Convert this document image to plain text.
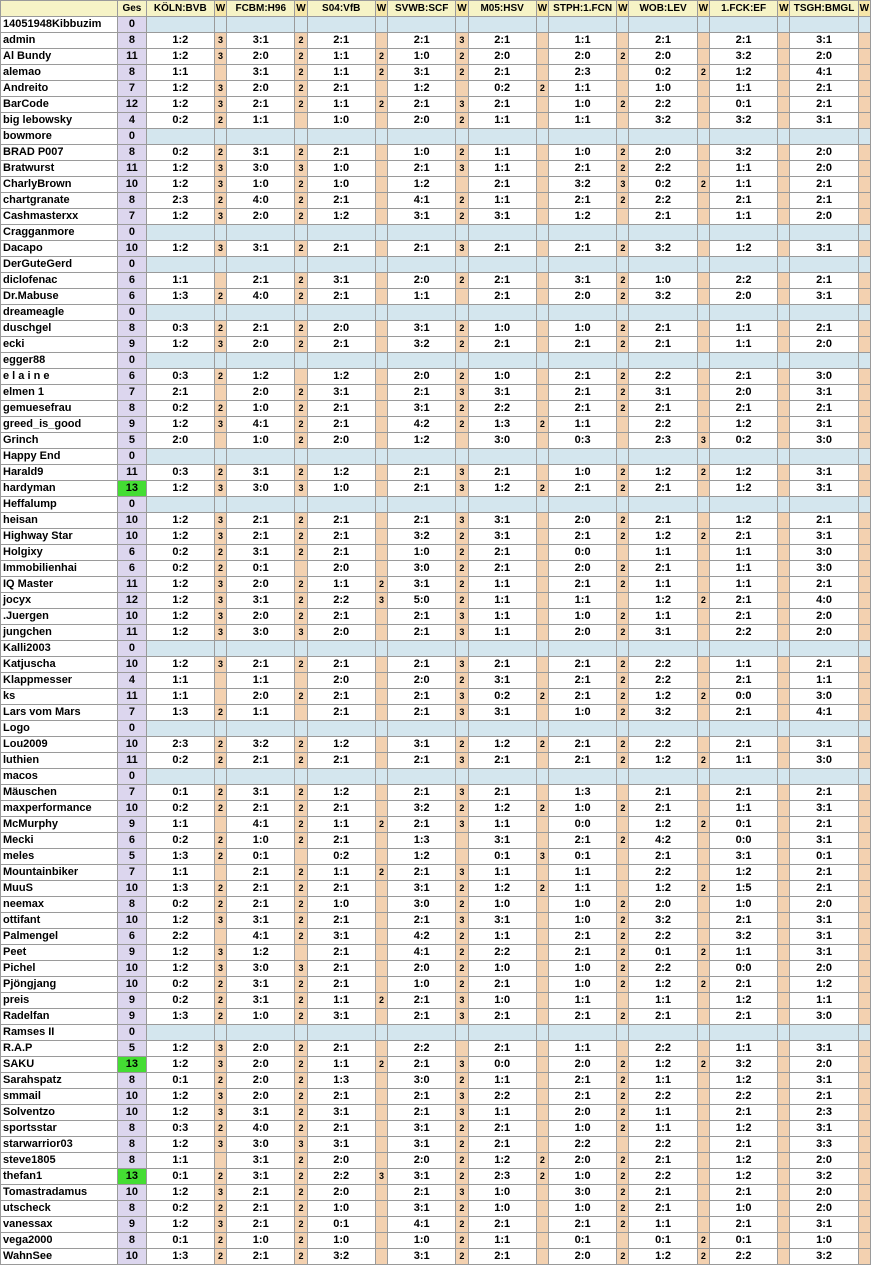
	Ges	KÖLN:BVB	W	FCBM:H96	W	S04:VfB	W	SVWB:SCF	W	M05:HSV	W	STPH:1.FCN	W	WOB:LEV	W	1.FCK:EF	W	TSGH:BMGL	W
14051948Kibbuzim	0																		
admin	8	1:2	3	3:1	2	2:1		2:1	3	2:1		1:1		2:1		2:1		3:1	
Al Bundy	11	1:2	3	2:0	2	1:1	2	1:0	2	2:0		2:0	2	2:0		3:2		2:0	
alemao	8	1:1		3:1	2	1:1	2	3:1	2	2:1		2:3		0:2	2	1:2		4:1	
Andreito	7	1:2	3	2:0	2	2:1		1:2		0:2	2	1:1		1:0		1:1		2:1	
BarCode	12	1:2	3	2:1	2	1:1	2	2:1	3	2:1		1:0	2	2:2		0:1		2:1	
big lebowsky	4	0:2	2	1:1		1:0		2:0	2	1:1		1:1		3:2		3:2		3:1	
bowmore	0																		
BRAD P007	8	0:2	2	3:1	2	2:1		1:0	2	1:1		1:0	2	2:0		3:2		2:0	
Bratwurst	11	1:2	3	3:0	3	1:0		2:1	3	1:1		2:1	2	2:2		1:1		2:0	
CharlyBrown	10	1:2	3	1:0	2	1:0		1:2		2:1		3:2	3	0:2	2	1:1		2:1	
chartgranate	8	2:3	2	4:0	2	2:1		4:1	2	1:1		2:1	2	2:2		2:1		2:1	
Cashmasterxx	7	1:2	3	2:0	2	1:2		3:1	2	3:1		1:2		2:1		1:1		2:0	
Cragganmore	0																		
Dacapo	10	1:2	3	3:1	2	2:1		2:1	3	2:1		2:1	2	3:2		1:2		3:1	
DerGuteGerd	0																		
diclofenac	6	1:1		2:1	2	3:1		2:0	2	2:1		3:1	2	1:0		2:2		2:1	
Dr.Mabuse	6	1:3	2	4:0	2	2:1		1:1		2:1		2:0	2	3:2		2:0		3:1	
dreameagle	0																		
duschgel	8	0:3	2	2:1	2	2:0		3:1	2	1:0		1:0	2	2:1		1:1		2:1	
ecki	9	1:2	3	2:0	2	2:1		3:2	2	2:1		2:1	2	2:1		1:1		2:0	
egger88	0																		
e l a i n e	6	0:3	2	1:2		1:2		2:0	2	1:0		2:1	2	2:2		2:1		3:0	
elmen 1	7	2:1		2:0	2	3:1		2:1	3	3:1		2:1	2	3:1		2:0		3:1	
gemuesefrau	8	0:2	2	1:0	2	2:1		3:1	2	2:2		2:1	2	2:1		2:1		2:1	
greed_is_good	9	1:2	3	4:1	2	2:1		4:2	2	1:3	2	1:1		2:2		1:2		3:1	
Grinch	5	2:0		1:0	2	2:0		1:2		3:0		0:3		2:3	3	0:2		3:0	
Happy End	0																		
Harald9	11	0:3	2	3:1	2	1:2		2:1	3	2:1		1:0	2	1:2	2	1:2		3:1	
hardyman	13	1:2	3	3:0	3	1:0		2:1	3	1:2	2	2:1	2	2:1		1:2		3:1	
Heffalump	0																		
heisan	10	1:2	3	2:1	2	2:1		2:1	3	3:1		2:0	2	2:1		1:2		2:1	
Highway Star	10	1:2	3	2:1	2	2:1		3:2	2	3:1		2:1	2	1:2	2	2:1		3:1	
Holgixy	6	0:2	2	3:1	2	2:1		1:0	2	2:1		0:0		1:1		1:1		3:0	
Immobilienhai	6	0:2	2	0:1		2:0		3:0	2	2:1		2:0	2	2:1		1:1		3:0	
IQ Master	11	1:2	3	2:0	2	1:1	2	3:1	2	1:1		2:1	2	1:1		1:1		2:1	
jocyx	12	1:2	3	3:1	2	2:2	3	5:0	2	1:1		1:1		1:2	2	2:1		4:0	
.Juergen	10	1:2	3	2:0	2	2:1		2:1	3	1:1		1:0	2	1:1		2:1		2:0	
jungchen	11	1:2	3	3:0	3	2:0		2:1	3	1:1		2:0	2	3:1		2:2		2:0	
Kalli2003	0																		
Katjuscha	10	1:2	3	2:1	2	2:1		2:1	3	2:1		2:1	2	2:2		1:1		2:1	
Klappmesser	4	1:1		1:1		2:0		2:0	2	3:1		2:1	2	2:2		2:1		1:1	
ks	11	1:1		2:0	2	2:1		2:1	3	0:2	2	2:1	2	1:2	2	0:0		3:0	
Lars vom Mars	7	1:3	2	1:1		2:1		2:1	3	3:1		1:0	2	3:2		2:1		4:1	
Logo	0																		
Lou2009	10	2:3	2	3:2	2	1:2		3:1	2	1:2	2	2:1	2	2:2		2:1		3:1	
luthien	11	0:2	2	2:1	2	2:1		2:1	3	2:1		2:1	2	1:2	2	1:1		3:0	
macos	0																		
Mäuschen	7	0:1	2	3:1	2	1:2		2:1	3	2:1		1:3		2:1		2:1		2:1	
maxperformance	10	0:2	2	2:1	2	2:1		3:2	2	1:2	2	1:0	2	2:1		1:1		3:1	
McMurphy	9	1:1		4:1	2	1:1	2	2:1	3	1:1		0:0		1:2	2	0:1		2:1	
Mecki	6	0:2	2	1:0	2	2:1		1:3		3:1		2:1	2	4:2		0:0		3:1	
meles	5	1:3	2	0:1		0:2		1:2		0:1	3	0:1		2:1		3:1		0:1	
Mountainbiker	7	1:1		2:1	2	1:1	2	2:1	3	1:1		1:1		2:2		1:2		2:1	
MuuS	10	1:3	2	2:1	2	2:1		3:1	2	1:2	2	1:1		1:2	2	1:5		2:1	
neemax	8	0:2	2	2:1	2	1:0		3:0	2	1:0		1:0	2	2:0		1:0		2:0	
ottifant	10	1:2	3	3:1	2	2:1		2:1	3	3:1		1:0	2	3:2		2:1		3:1	
Palmengel	6	2:2		4:1	2	3:1		4:2	2	1:1		2:1	2	2:2		3:2		3:1	
Peet	9	1:2	3	1:2		2:1		4:1	2	2:2		2:1	2	0:1	2	1:1		3:1	
Pichel	10	1:2	3	3:0	3	2:1		2:0	2	1:0		1:0	2	2:2		0:0		2:0	
Pjöngjang	10	0:2	2	3:1	2	2:1		1:0	2	2:1		1:0	2	1:2	2	2:1		1:2	
preis	9	0:2	2	3:1	2	1:1	2	2:1	3	1:0		1:1		1:1		1:2		1:1	
Radelfan	9	1:3	2	1:0	2	3:1		2:1	3	2:1		2:1	2	2:1		2:1		3:0	
Ramses II	0																		
R.A.P	5	1:2	3	2:0	2	2:1		2:2		2:1		1:1		2:2		1:1		3:1	
SAKU	13	1:2	3	2:0	2	1:1	2	2:1	3	0:0		2:0	2	1:2	2	3:2		2:0	
Sarahspatz	8	0:1	2	2:0	2	1:3		3:0	2	1:1		2:1	2	1:1		1:2		3:1	
smmail	10	1:2	3	2:0	2	2:1		2:1	3	2:2		2:1	2	2:2		2:2		2:1	
Solventzo	10	1:2	3	3:1	2	3:1		2:1	3	1:1		2:0	2	1:1		2:1		2:3	
sportsstar	8	0:3	2	4:0	2	2:1		3:1	2	2:1		1:0	2	1:1		1:2		3:1	
starwarrior03	8	1:2	3	3:0	3	3:1		3:1	2	2:1		2:2		2:2		2:1		3:3	
steve1805	8	1:1		3:1	2	2:0		2:0	2	1:2	2	2:0	2	2:1		1:2		2:0	
thefan1	13	0:1	2	3:1	2	2:2	3	3:1	2	2:3	2	1:0	2	2:2		1:2		3:2	
Tomastradamus	10	1:2	3	2:1	2	2:0		2:1	3	1:0		3:0	2	2:1		2:1		2:0	
utscheck	8	0:2	2	2:1	2	1:0		3:1	2	1:0		1:0	2	2:1		1:0		2:0	
vanessax	9	1:2	3	2:1	2	0:1		4:1	2	2:1		2:1	2	1:1		2:1		3:1	
vega2000	8	0:1	2	1:0	2	1:0		1:0	2	1:1		0:1		0:1	2	0:1		1:0	
WahnSee	10	1:3	2	2:1	2	3:2		3:1	2	2:1		2:0	2	1:2	2	2:2		3:2	
